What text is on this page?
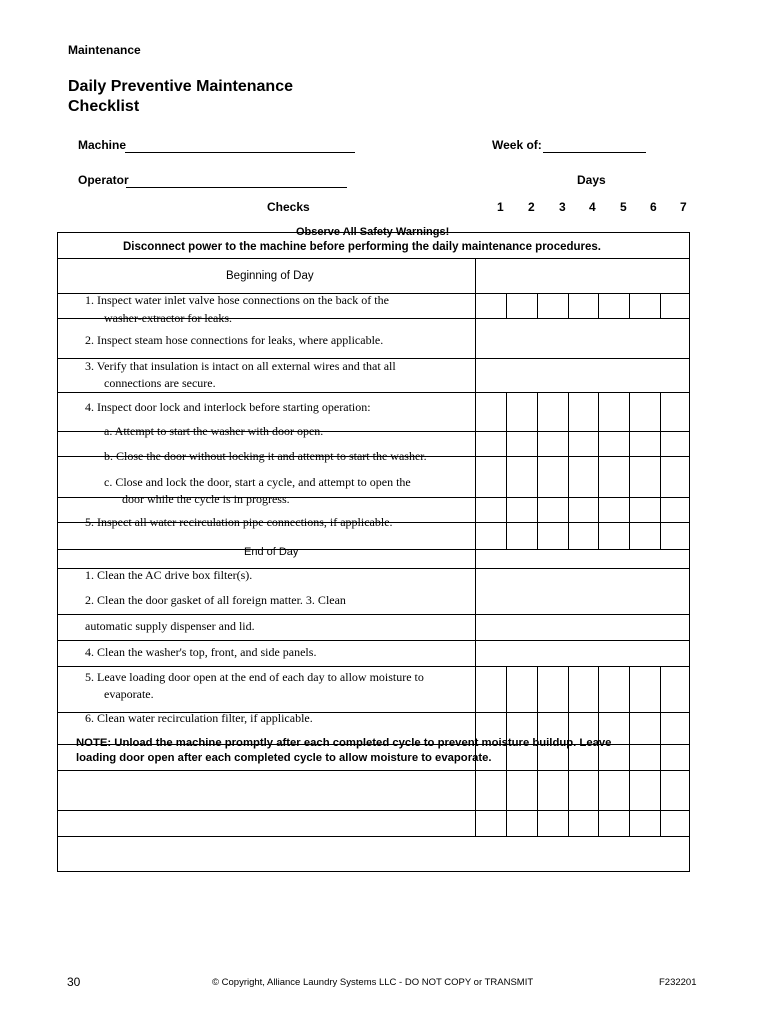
Maintenance
Daily Preventive Maintenance
Checklist
Machine	Week of:
Operator	Days
Checks	1 2 3 4 5 6 7
Observe All Safety Warnings!
Disconnect power to the machine before performing the daily maintenance procedures.
Beginning of Day
1. Inspect water inlet valve hose connections on the back of the
washer-extractor for leaks.
2. Inspect steam hose connections for leaks, where applicable.
3. Verify that insulation is intact on all external wires and that all
connections are secure.
4. Inspect door lock and interlock before starting operation:
a. Attempt to start the washer with door open.
b. Close the door without locking it and attempt to start the washer.
c. Close and lock the door, start a cycle, and attempt to open the
door while the cycle is in progress.
5. Inspect all water recirculation pipe connections, if applicable.
End of Day
1. Clean the AC drive box filter(s).
2. Clean the door gasket of all foreign matter. 3. Clean
automatic supply dispenser and lid.
4. Clean the washer's top, front, and side panels.
5. Leave loading door open at the end of each day to allow moisture to
evaporate.
6. Clean water recirculation filter, if applicable.
NOTE: Unload the machine promptly after each completed cycle to prevent moisture buildup. Leave
loading door open after each completed cycle to allow moisture to evaporate.
30	© Copyright, Alliance Laundry Systems LLC - DO NOT COPY or TRANSMIT	F232201
